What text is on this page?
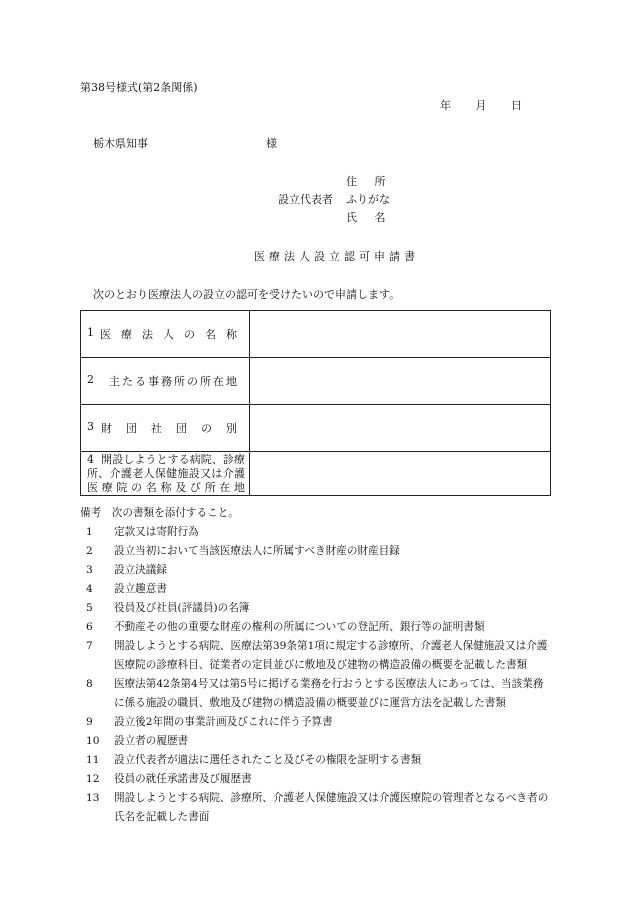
第38号様式(第2条関係)
年 月 日
栃木県知事	様
住 所
設立代表者 ふりがな
氏 名
医療法人設立認可申請書
次のとおり医療法人の設立の認可を受けたいので申請します。
1 医療法人の名称	

2 主たる事務所の所在地	

3 財団社団の別	

4 開設しようとする病院、診療所、介護老人保健施設又は介護医療院の名称及び所在地	

備考　次の書類を添付すること。
1	定款又は寄附行為
2	設立当初において当該医療法人に所属すべき財産の財産目録
3	設立決議録
4	設立趣意書
5	役員及び社員(評議員)の名簿
6	不動産その他の重要な財産の権利の所属についての登記所、銀行等の証明書類
7	開設しようとする病院、医療法第39条第1項に規定する診療所、介護老人保健施設又は介護医療院の診療科目、従業者の定員並びに敷地及び建物の構造設備の概要を記載した書類
8	医療法第42条第4号又は第5号に掲げる業務を行おうとする医療法人にあっては、当該業務に係る施設の職員、敷地及び建物の構造設備の概要並びに運営方法を記載した書類
9	設立後2年間の事業計画及びこれに伴う予算書
10	設立者の履歴書
11	設立代表者が適法に選任されたこと及びその権限を証明する書類
12	役員の就任承諾書及び履歴書
13	開設しようとする病院、診療所、介護老人保健施設又は介護医療院の管理者となるべき者の氏名を記載した書面
